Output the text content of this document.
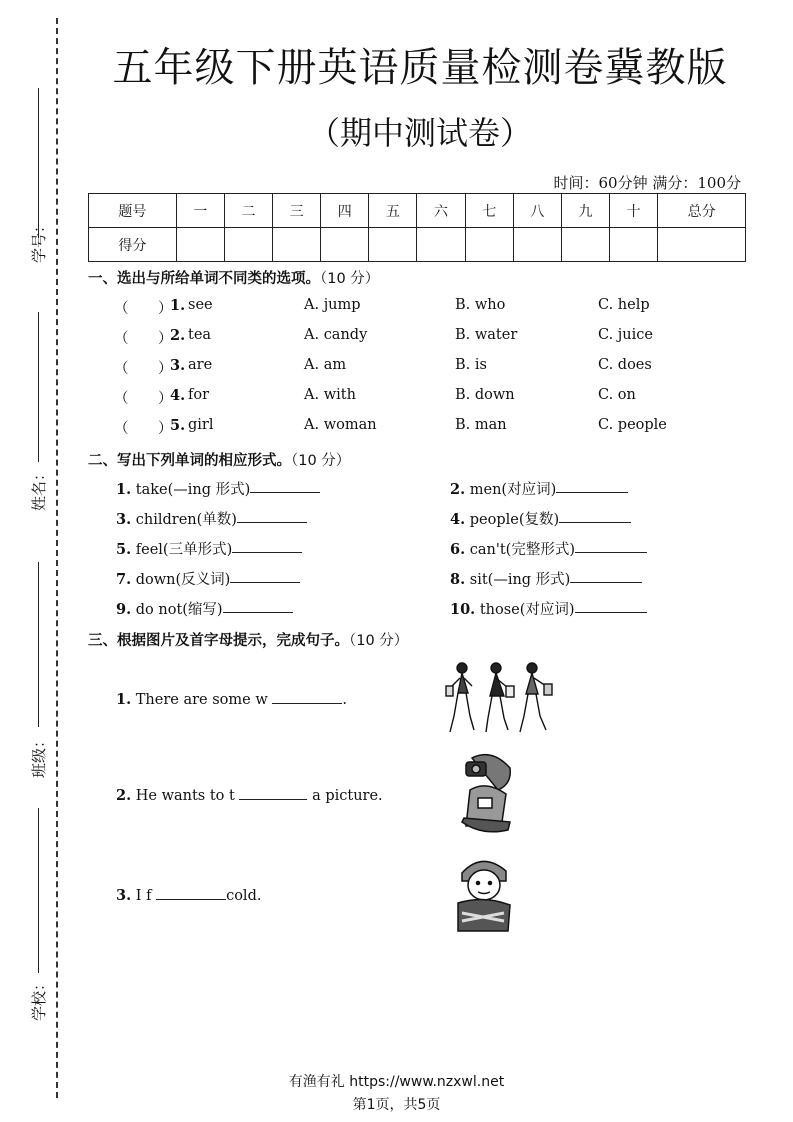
学号：
姓名：
班级：
学校：
五年级下册英语质量检测卷冀教版
（期中测试卷）
时间：60分钟 满分：100分
题号	一	二	三	四	五	六	七	八	九	十	总分
得分											
一、选出与所给单词不同类的选项。（10 分）
（ ）
1. see	A. jump	B. who	C. help
（ ）
2. tea	A. candy	B. water	C. juice
（ ）
3. are	A. am	B. is	C. does
（ ）
4. for	A. with	B. down	C. on
（ ）
5. girl	A. woman	B. man	C. people
二、写出下列单词的相应形式。（10 分）
1. take(—ing 形式)	2. men(对应词)
3. children(单数)	4. people(复数)
5. feel(三单形式)	6. can't(完整形式)
7. down(反义词)	8. sit(—ing 形式)
9. do not(缩写)	10. those(对应词)
三、根据图片及首字母提示，完成句子。（10 分）
1. There are some w	.
2. He wants to t	a picture.
3. I f	cold.
有渔有礼 https://www.nzxwl.net
第1页，共5页
